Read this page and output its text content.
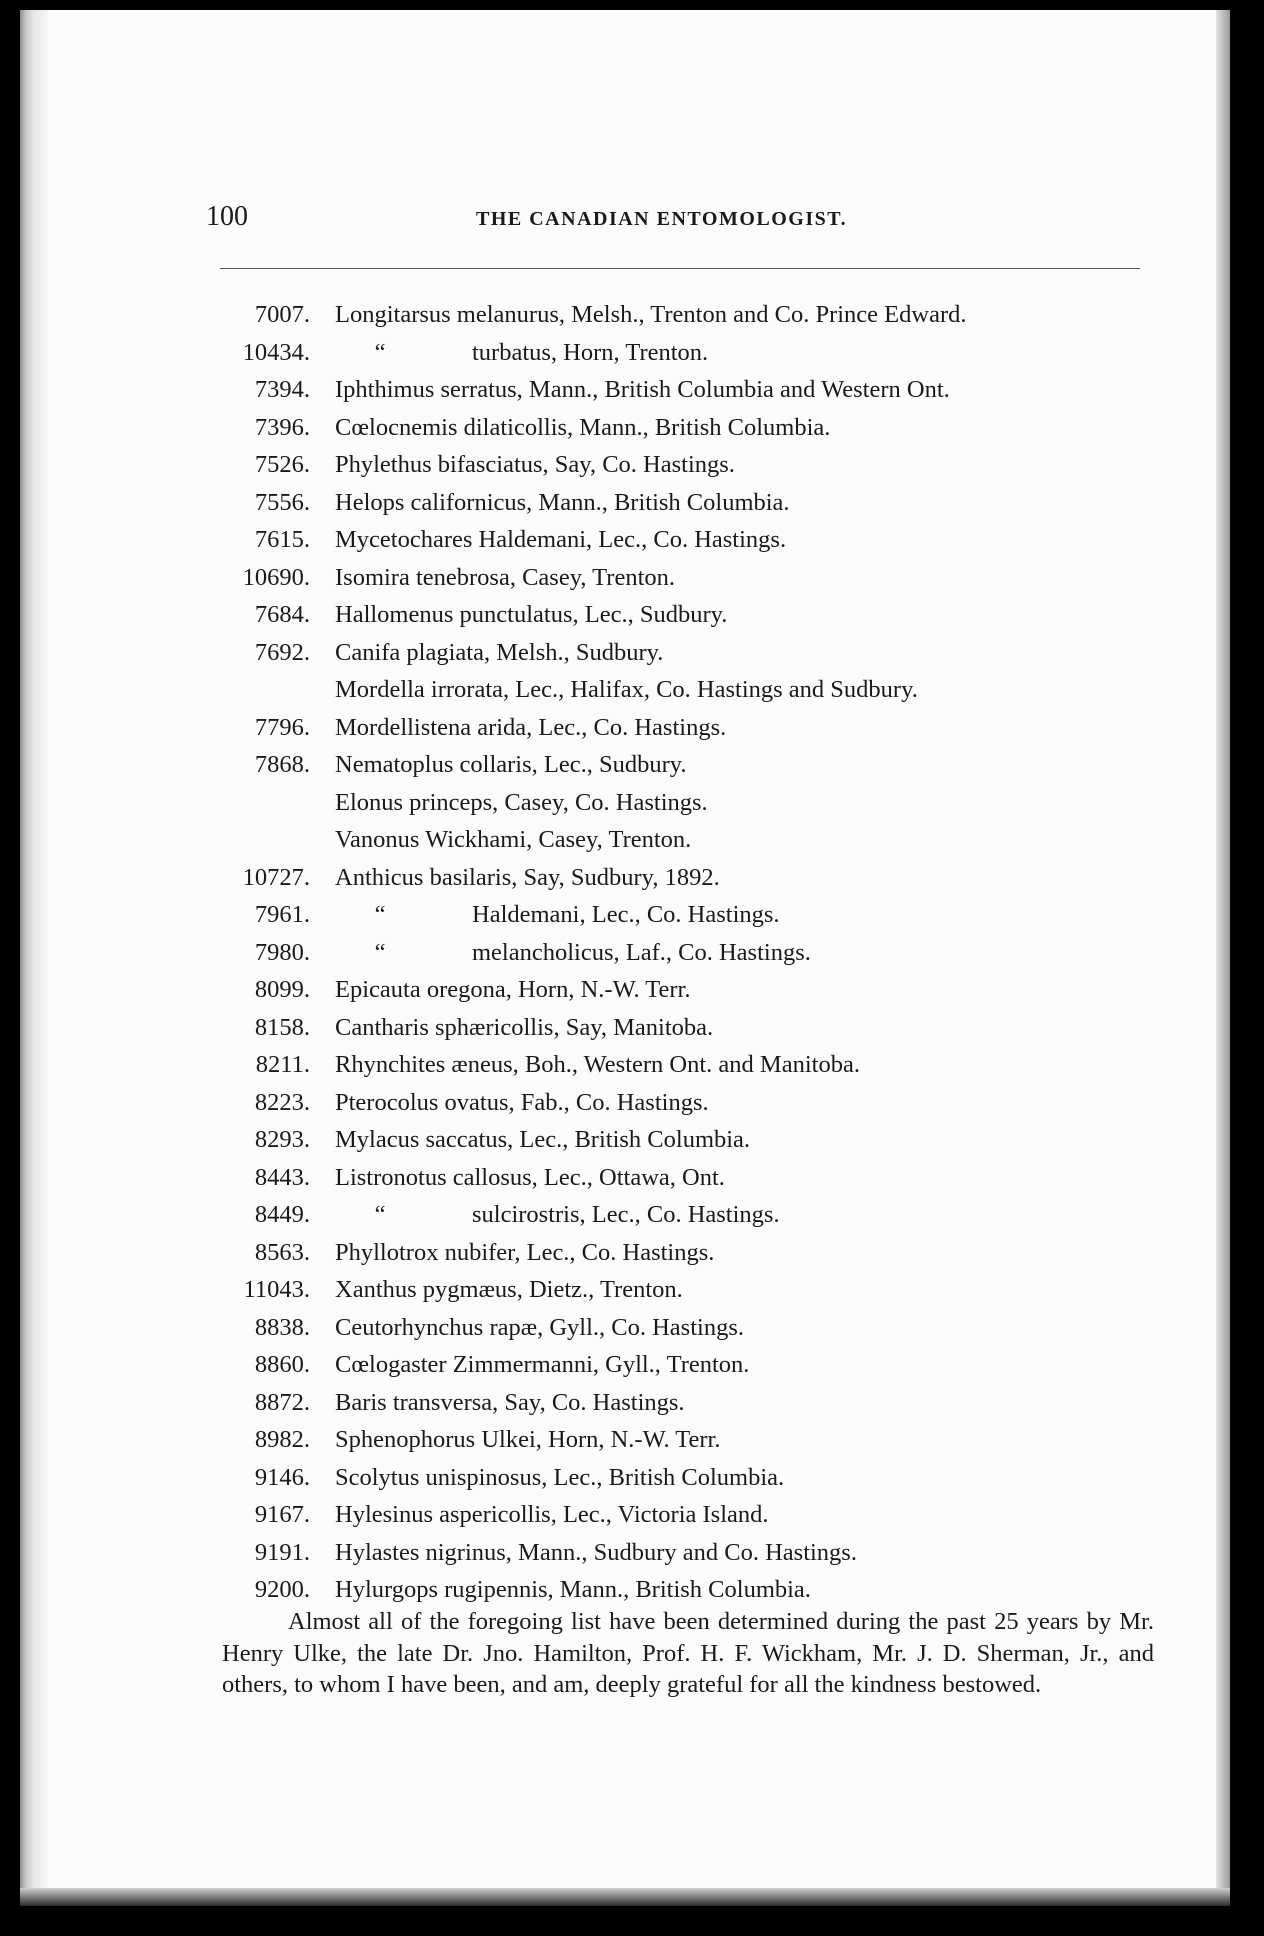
100	THE CANADIAN ENTOMOLOGIST.
7007. Longitarsus melanurus, Melsh., Trenton and Co. Prince Edward.
10434.	“	turbatus, Horn, Trenton.
7394. Iphthimus serratus, Mann., British Columbia and Western Ont.
7396. Cœlocnemis dilaticollis, Mann., British Columbia.
7526. Phylethus bifasciatus, Say, Co. Hastings.
7556. Helops californicus, Mann., British Columbia.
7615. Mycetochares Haldemani, Lec., Co. Hastings.
10690. Isomira tenebrosa, Casey, Trenton.
7684. Hallomenus punctulatus, Lec., Sudbury.
7692. Canifa plagiata, Melsh., Sudbury.
Mordella irrorata, Lec., Halifax, Co. Hastings and Sudbury.
7796. Mordellistena arida, Lec., Co. Hastings.
7868. Nematoplus collaris, Lec., Sudbury.
Elonus princeps, Casey, Co. Hastings.
Vanonus Wickhami, Casey, Trenton.
10727. Anthicus basilaris, Say, Sudbury, 1892.
7961.	“	Haldemani, Lec., Co. Hastings.
7980.	“	melancholicus, Laf., Co. Hastings.
8099. Epicauta oregona, Horn, N.-W. Terr.
8158. Cantharis sphæricollis, Say, Manitoba.
8211. Rhynchites æneus, Boh., Western Ont. and Manitoba.
8223. Pterocolus ovatus, Fab., Co. Hastings.
8293. Mylacus saccatus, Lec., British Columbia.
8443. Listronotus callosus, Lec., Ottawa, Ont.
8449.	“	sulcirostris, Lec., Co. Hastings.
8563. Phyllotrox nubifer, Lec., Co. Hastings.
11043. Xanthus pygmæus, Dietz., Trenton.
8838. Ceutorhynchus rapæ, Gyll., Co. Hastings.
8860. Cœlogaster Zimmermanni, Gyll., Trenton.
8872. Baris transversa, Say, Co. Hastings.
8982. Sphenophorus Ulkei, Horn, N.-W. Terr.
9146. Scolytus unispinosus, Lec., British Columbia.
9167. Hylesinus aspericollis, Lec., Victoria Island.
9191. Hylastes nigrinus, Mann., Sudbury and Co. Hastings.
9200. Hylurgops rugipennis, Mann., British Columbia.

Almost all of the foregoing list have been determined during the past 25 years by Mr. Henry Ulke, the late Dr. Jno. Hamilton, Prof. H. F. Wickham, Mr. J. D. Sherman, Jr., and others, to whom I have been, and am, deeply grateful for all the kindness bestowed.
